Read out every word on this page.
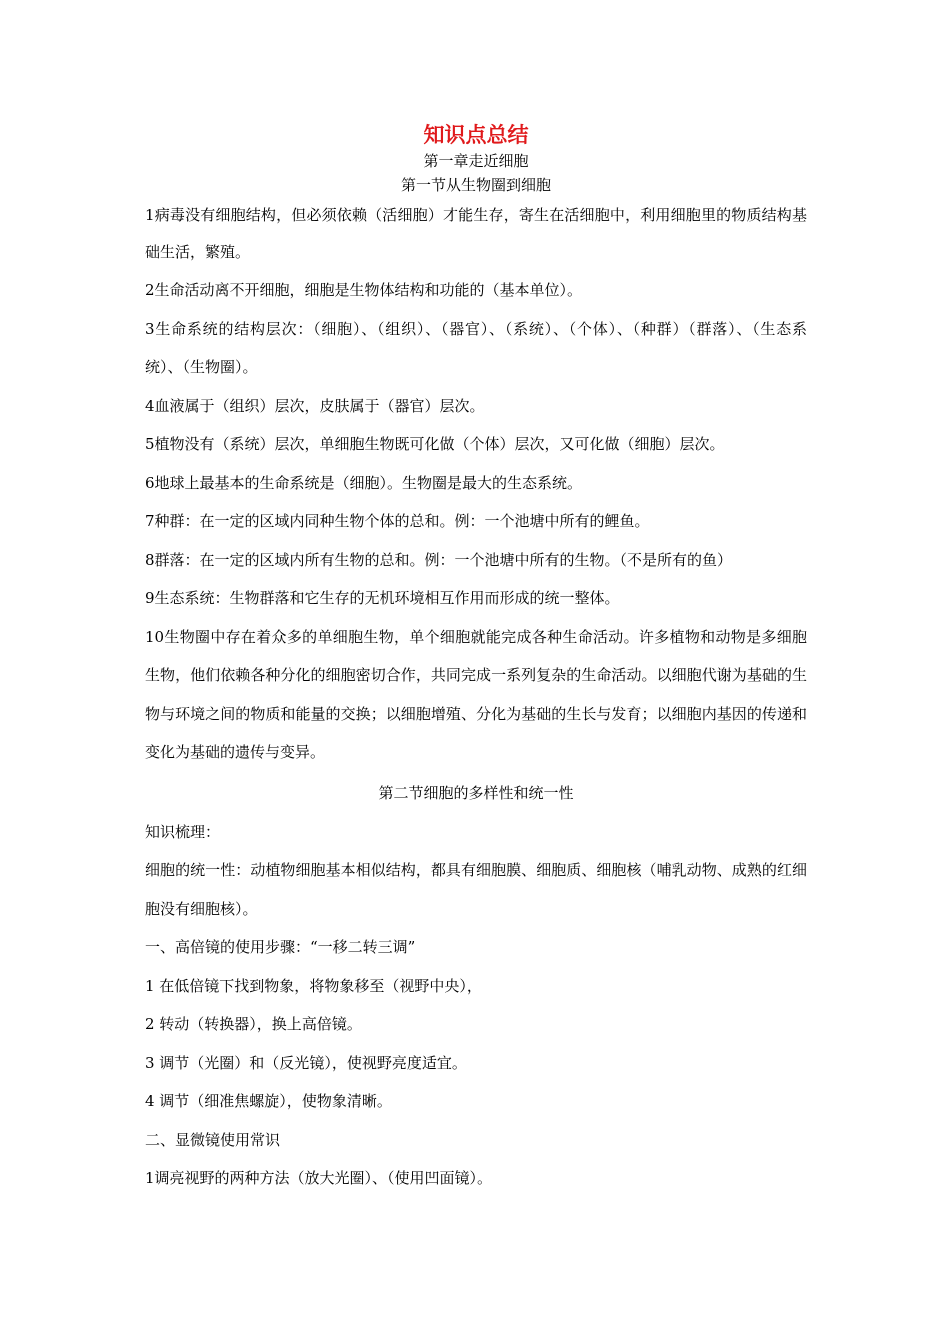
知识点总结

第一章走近细胞

第一节从生物圈到细胞

1病毒没有细胞结构，但必须依赖（活细胞）才能生存，寄生在活细胞中，利用细胞里的物质结构基础生活，繁殖。

2生命活动离不开细胞，细胞是生物体结构和功能的（基本单位）。

3生命系统的结构层次：（细胞）、（组织）、（器官）、（系统）、（个体）、（种群）（群落）、（生态系统）、（生物圈）。

4血液属于（组织）层次，皮肤属于（器官）层次。

5植物没有（系统）层次，单细胞生物既可化做（个体）层次，又可化做（细胞）层次。

6地球上最基本的生命系统是（细胞）。生物圈是最大的生态系统。

7种群：在一定的区域内同种生物个体的总和。例：一个池塘中所有的鲤鱼。

8群落：在一定的区域内所有生物的总和。例：一个池塘中所有的生物。（不是所有的鱼）

9生态系统：生物群落和它生存的无机环境相互作用而形成的统一整体。

10生物圈中存在着众多的单细胞生物，单个细胞就能完成各种生命活动。许多植物和动物是多细胞生物，他们依赖各种分化的细胞密切合作，共同完成一系列复杂的生命活动。以细胞代谢为基础的生物与环境之间的物质和能量的交换；以细胞增殖、分化为基础的生长与发育；以细胞内基因的传递和变化为基础的遗传与变异。

第二节细胞的多样性和统一性

知识梳理：

细胞的统一性：动植物细胞基本相似结构，都具有细胞膜、细胞质、细胞核（哺乳动物、成熟的红细胞没有细胞核）。

一、高倍镜的使用步骤：“一移二转三调”

1 在低倍镜下找到物象，将物象移至（视野中央），

2 转动（转换器），换上高倍镜。

3 调节（光圈）和（反光镜），使视野亮度适宜。

4 调节（细准焦螺旋），使物象清晰。

二、显微镜使用常识

1调亮视野的两种方法（放大光圈）、（使用凹面镜）。
